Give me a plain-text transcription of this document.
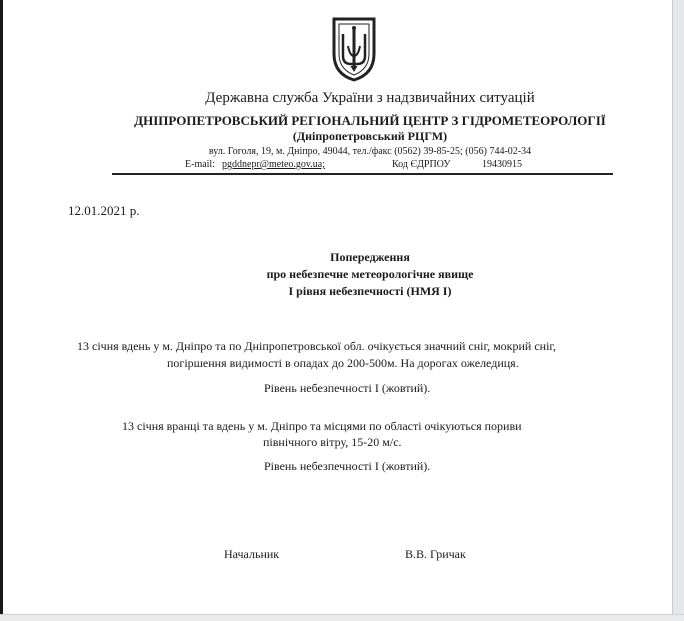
Державна служба України з надзвичайних ситуацій
ДНІПРОПЕТРОВСЬКИЙ РЕГІОНАЛЬНИЙ ЦЕНТР З ГІДРОМЕТЕОРОЛОГІЇ
(Дніпропетровський РЦГМ)
вул. Гоголя, 19, м. Дніпро, 49044, тел./факс (0562) 39-85-25; (056) 744-02-34
E-mail: pgddnepr@meteo.gov.ua;	Код ЄДРПОУ	19430915
12.01.2021 р.
Попередження
про небезпечне метеорологічне явище
І рівня небезпечності (НМЯ І)
13 січня вдень у м. Дніпро та по Дніпропетровської обл. очікується значний сніг, мокрий сніг,
погіршення видимості в опадах до 200-500м. На дорогах ожеледиця.
Рівень небезпечності І (жовтий).
13 січня вранці та вдень у м. Дніпро та місцями по області очікуються пориви
північного вітру, 15-20 м/с.
Рівень небезпечності І (жовтий).
Начальник	В.В. Гричак
